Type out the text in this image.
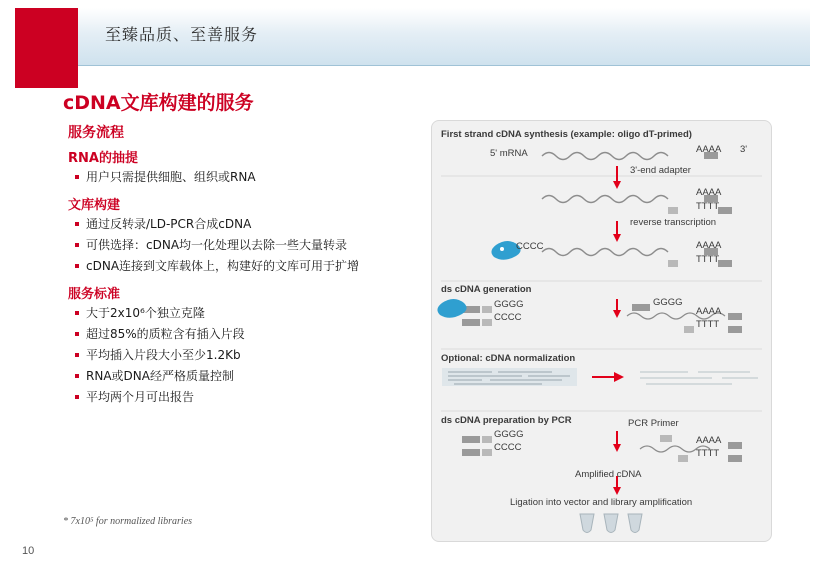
至臻品质、至善服务
cDNA文库构建的服务
服务流程
RNA的抽提
用户只需提供细胞、组织或RNA
文库构建
通过反转录/LD-PCR合成cDNA
可供选择：cDNA均一化处理以去除一些大量转录
cDNA连接到文库载体上，构建好的文库可用于扩增
服务标准
大于2x10⁶个独立克隆
超过85%的质粒含有插入片段
平均插入片段大小至少1.2Kb
RNA或DNA经严格质量控制
平均两个月可出报告
* 7x10⁵ for normalized libraries
10
First strand cDNA synthesis (example: oligo dT-primed)
5' mRNA	AAAA 3'
3'-end adapter
AAAA
TTTT
reverse transcription
CCCC	AAAA
TTTT
ds cDNA generation
GGGG
GGGG
CCCC
AAAA
TTTT
Optional: cDNA normalization
ds cDNA preparation by PCR
GGGG
CCCC
PCR Primer
AAAA
TTTT
Amplified cDNA
Ligation into vector and library amplification
